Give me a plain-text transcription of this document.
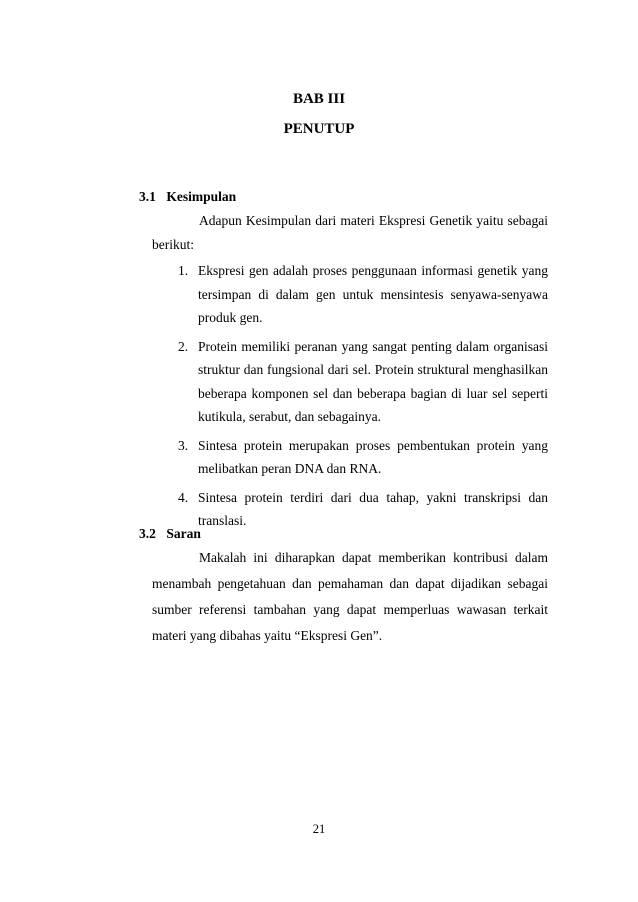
BAB III
PENUTUP
3.1 Kesimpulan

Adapun Kesimpulan dari materi Ekspresi Genetik yaitu sebagai berikut:

1. Ekspresi gen adalah proses penggunaan informasi genetik yang tersimpan di dalam gen untuk mensintesis senyawa-senyawa produk gen.
2. Protein memiliki peranan yang sangat penting dalam organisasi struktur dan fungsional dari sel. Protein struktural menghasilkan beberapa komponen sel dan beberapa bagian di luar sel seperti kutikula, serabut, dan sebagainya.
3. Sintesa protein merupakan proses pembentukan protein yang melibatkan peran DNA dan RNA.
4. Sintesa protein terdiri dari dua tahap, yakni transkripsi dan translasi.
3.2 Saran

Makalah ini diharapkan dapat memberikan kontribusi dalam menambah pengetahuan dan pemahaman dan dapat dijadikan sebagai sumber referensi tambahan yang dapat memperluas wawasan terkait materi yang dibahas yaitu “Ekspresi Gen”.

21
